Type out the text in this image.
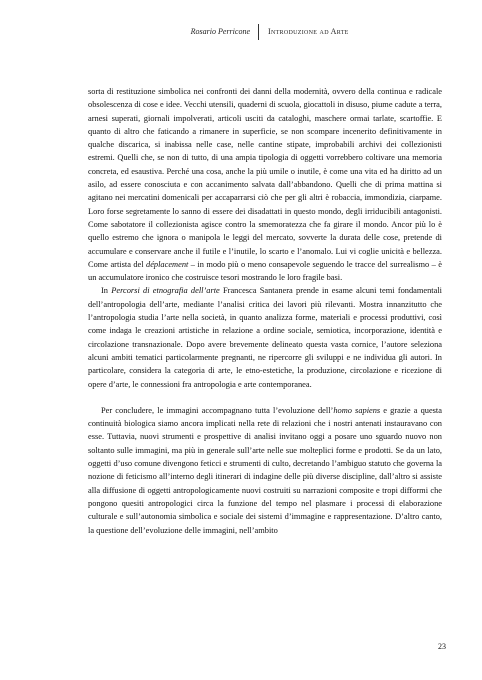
Rosario Perricone Introduzione ad Arte

sorta di restituzione simbolica nei confronti dei danni della modernità, ovvero della continua e radicale obsolescenza di cose e idee. Vecchi utensili, quaderni di scuola, giocattoli in disuso, piume cadute a terra, arnesi superati, giornali impolverati, articoli usciti da cataloghi, maschere ormai tarlate, scartoffie. E quanto di altro che faticando a rimanere in superficie, se non scompare incenerito definitivamente in qualche discarica, si inabissa nelle case, nelle cantine stipate, improbabili archivi dei collezionisti estremi. Quelli che, se non di tutto, di una ampia tipologia di oggetti vorrebbero coltivare una memoria concreta, ed esaustiva. Perché una cosa, anche la più umile o inutile, è come una vita ed ha diritto ad un asilo, ad essere conosciuta e con accanimento salvata dall’abbandono. Quelli che di prima mattina si agitano nei mercatini domenicali per accaparrarsi ciò che per gli altri è robaccia, immondizia, ciarpame. Loro forse segretamente lo sanno di essere dei disadattati in questo mondo, degli irriducibili antagonisti. Come sabotatore il collezionista agisce contro la smemoratezza che fa girare il mondo. Ancor più lo è quello estremo che ignora o manipola le leggi del mercato, sovverte la durata delle cose, pretende di accumulare e conservare anche il futile e l’inutile, lo scarto e l’anomalo. Lui vi coglie unicità e bellezza. Come artista del déplacement – in modo più o meno consapevole seguendo le tracce del surrealismo – è un accumulatore ironico che costruisce tesori mostrando le loro fragile basi.

In Percorsi di etnografia dell’arte Francesca Santanera prende in esame alcuni temi fondamentali dell’antropologia dell’arte, mediante l’analisi critica dei lavori più rilevanti. Mostra innanzitutto che l’antropologia studia l’arte nella società, in quanto analizza forme, materiali e processi produttivi, così come indaga le creazioni artistiche in relazione a ordine sociale, semiotica, incorporazione, identità e circolazione transnazionale. Dopo avere brevemente delineato questa vasta cornice, l’autore seleziona alcuni ambiti tematici particolarmente pregnanti, ne ripercorre gli sviluppi e ne individua gli autori. In particolare, considera la categoria di arte, le etno-estetiche, la produzione, circolazione e ricezione di opere d’arte, le connessioni fra antropologia e arte contemporanea.

Per concludere, le immagini accompagnano tutta l’evoluzione dell’homo sapiens e grazie a questa continuità biologica siamo ancora implicati nella rete di relazioni che i nostri antenati instauravano con esse. Tuttavia, nuovi strumenti e prospettive di analisi invitano oggi a posare uno sguardo nuovo non soltanto sulle immagini, ma più in generale sull’arte nelle sue molteplici forme e prodotti. Se da un lato, oggetti d’uso comune divengono feticci e strumenti di culto, decretando l’ambiguo statuto che governa la nozione di feticismo all’interno degli itinerari di indagine delle più diverse discipline, dall’altro si assiste alla diffusione di oggetti antropologicamente nuovi costruiti su narrazioni composite e tropi difformi che pongono quesiti antropologici circa la funzione del tempo nel plasmare i processi di elaborazione culturale e sull’autonomia simbolica e sociale dei sistemi d’immagine e rappresentazione. D’altro canto, la questione dell’evoluzione delle immagini, nell’ambito

23
